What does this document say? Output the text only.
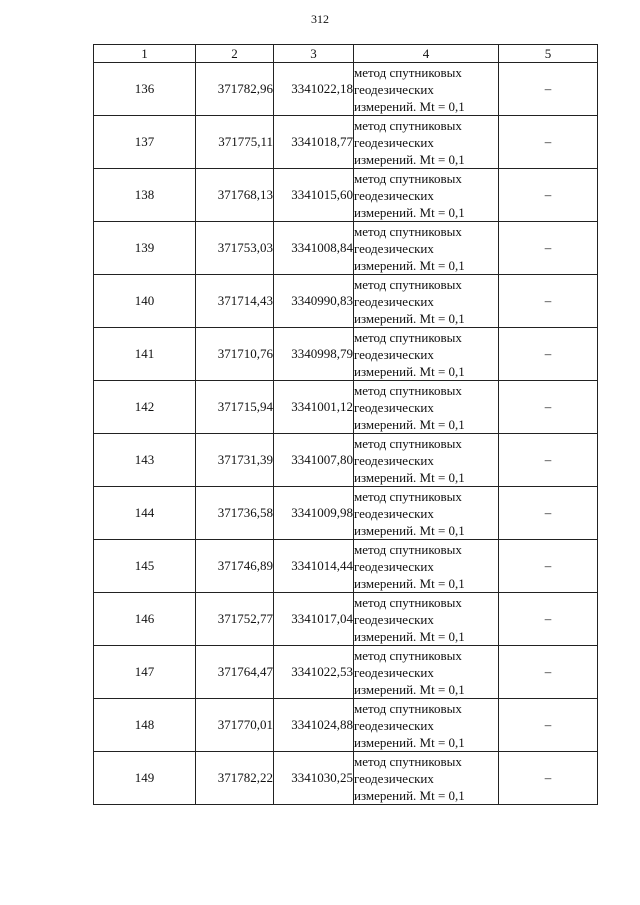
312
1	2	3	4	5
136	371782,96	3341022,18	метод спутниковых
геодезических
измерений. Mt = 0,1	–
137	371775,11	3341018,77	метод спутниковых
геодезических
измерений. Mt = 0,1	–
138	371768,13	3341015,60	метод спутниковых
геодезических
измерений. Mt = 0,1	–
139	371753,03	3341008,84	метод спутниковых
геодезических
измерений. Mt = 0,1	–
140	371714,43	3340990,83	метод спутниковых
геодезических
измерений. Mt = 0,1	–
141	371710,76	3340998,79	метод спутниковых
геодезических
измерений. Mt = 0,1	–
142	371715,94	3341001,12	метод спутниковых
геодезических
измерений. Mt = 0,1	–
143	371731,39	3341007,80	метод спутниковых
геодезических
измерений. Mt = 0,1	–
144	371736,58	3341009,98	метод спутниковых
геодезических
измерений. Mt = 0,1	–
145	371746,89	3341014,44	метод спутниковых
геодезических
измерений. Mt = 0,1	–
146	371752,77	3341017,04	метод спутниковых
геодезических
измерений. Mt = 0,1	–
147	371764,47	3341022,53	метод спутниковых
геодезических
измерений. Mt = 0,1	–
148	371770,01	3341024,88	метод спутниковых
геодезических
измерений. Mt = 0,1	–
149	371782,22	3341030,25	метод спутниковых
геодезических
измерений. Mt = 0,1	–
